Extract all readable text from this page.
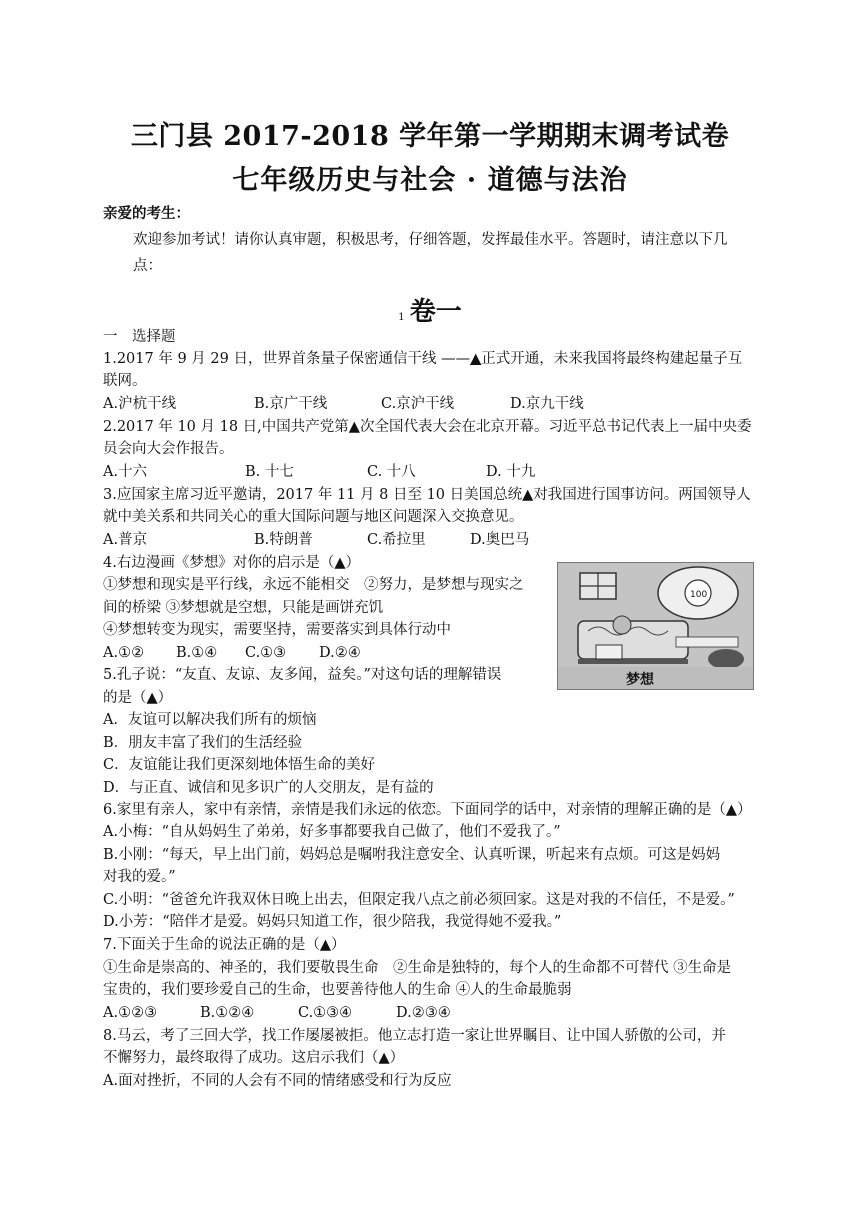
三门县 2017-2018 学年第一学期期末调考试卷
七年级历史与社会 · 道德与法治
亲爱的考生：
欢迎参加考试！请你认真审题，积极思考，仔细答题，发挥最佳水平。答题时，请注意以下几
点：
1 卷一
一　选择题
1.2017 年 9 月 29 日，世界首条量子保密通信干线 ——▲正式开通，未来我国将最终构建起量子互
联网。
A.沪杭干线	B.京广干线	C.京沪干线	D.京九干线
2.2017 年 10 月 18 日,中国共产党第▲次全国代表大会在北京开幕。习近平总书记代表上一届中央委
员会向大会作报告。
A.十六	B. 十七	C. 十八	D. 十九
3.应国家主席习近平邀请，2017 年 11 月 8 日至 10 日美国总统▲对我国进行国事访问。两国领导人
就中美关系和共同关心的重大国际问题与地区问题深入交换意见。
A.普京	B.特朗普	C.希拉里	D.奥巴马
4.右边漫画《梦想》对你的启示是（▲）
①梦想和现实是平行线，永远不能相交　②努力，是梦想与现实之
间的桥梁 ③梦想就是空想，只能是画饼充饥
④梦想转变为现实，需要坚持，需要落实到具体行动中
A.①② B.①④ C.①③ D.②④
100
梦想
5.孔子说：“友直、友谅、友多闻，益矣。”对这句话的理解错误
的是（▲）
A．友谊可以解决我们所有的烦恼
B．朋友丰富了我们的生活经验
C．友谊能让我们更深刻地体悟生命的美好
D．与正直、诚信和见多识广的人交朋友，是有益的
6.家里有亲人，家中有亲情，亲情是我们永远的依恋。下面同学的话中，对亲情的理解正确的是（▲）
A.小梅：“自从妈妈生了弟弟，好多事都要我自己做了，他们不爱我了。”
B.小刚：“每天，早上出门前，妈妈总是嘱咐我注意安全、认真听课，听起来有点烦。可这是妈妈
对我的爱。”
C.小明：“爸爸允许我双休日晚上出去，但限定我八点之前必须回家。这是对我的不信任，不是爱。”
D.小芳：“陪伴才是爱。妈妈只知道工作，很少陪我，我觉得她不爱我。”
7.下面关于生命的说法正确的是（▲）
①生命是崇高的、神圣的，我们要敬畏生命　②生命是独特的，每个人的生命都不可替代 ③生命是
宝贵的，我们要珍爱自己的生命，也要善待他人的生命 ④人的生命最脆弱
A.①②③	B.①②④	C.①③④	D.②③④
8.马云，考了三回大学，找工作屡屡被拒。他立志打造一家让世界瞩目、让中国人骄傲的公司，并
不懈努力，最终取得了成功。这启示我们（▲）
A.面对挫折，不同的人会有不同的情绪感受和行为反应
